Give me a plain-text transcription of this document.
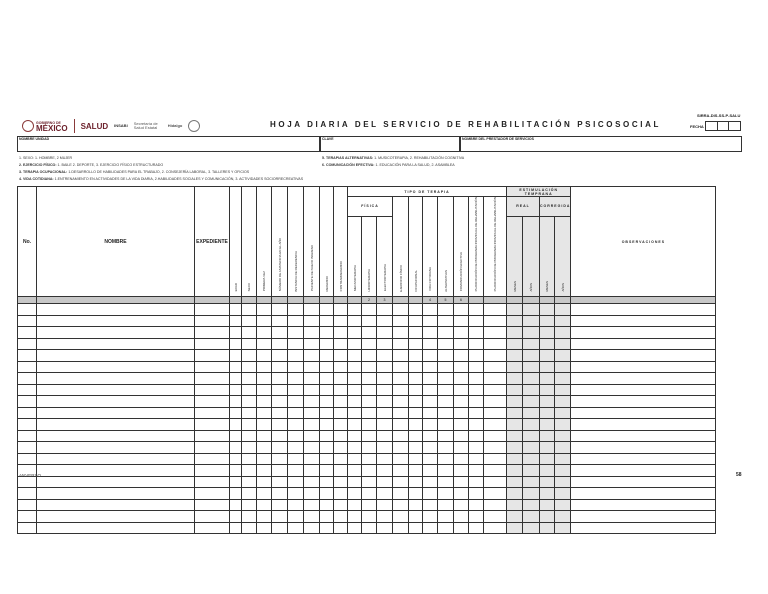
GOBIERNO DE
MÉXICO SALUD INSABI Secretaría de Salud Estatal	Hidalgo	HOJA DIARIA DEL SERVICIO DE REHABILITACIÓN PSICOSOCIAL
SIRRA-DIS-SS-P-SALU
FECHA
NOMBRE UNIDAD	CLAVE	NOMBRE DEL PRESTADOR DE SERVICIOS
1. SEXO: 1. HOMBRE, 2 MUJER
2. EJERCICIO FÍSICO: 1. BAILE 2. DEPORTE, 3. EJERCICIO FÍSICO ESTRUCTURADO
3. TERAPIA OCUPACIONAL: 1.DESARROLLO DE HABILIDADES PARA EL TRABAJO, 2. CONSEJERÍA LABORAL, 3. TALLERES Y OFICIOS
4. VIDA COTIDIANA: 1.ENTRENAMIENTO EN ACTIVIDADES DE LA VIDA DIARIA, 2.HABILIDADES SOCIALES Y COMUNICACIÓN, 3. ACTIVIDADES SOCIORRECREATIVAS
5. TERAPIAS ALTERNATIVAS: 1. MUSICOTERAPIA, 2. REHABILITACIÓN COGNITIVA
6. COMUNICACIÓN EFECTIVA: 1. EDUCACIÓN PARA LA SALUD, 2. ASAMBLEA
No.	NOMBRE	EXPEDIENTE	EDAD	SEXO	PRIMERA VEZ	NÚMERO DE ASISTENCIA EN EL AÑO	INSTANCIA DE REFERENCIA	PACIENTE DE NUEVO INGRESO	REFERIDO	CONTRARREFERIDO	TIPO DE TERAPIA										ESTIMULACIÓN TEMPRANA				OBSERVACIONES
											FÍSICA			EJERCICIO FÍSICO	OCUPACIONAL	VIDA COTIDIANA	ALTERNATIVAS	COMUNICACIÓN EFECTIVA	PLANIFICACIÓN DE PROGRAMA INDIVIDUAL DE REHABILITACIÓN	PLANIFICACIÓN DE PROGRAMA INDIVIDUAL DE REHABILITACIÓN	REAL		CORREGIDA		
											MECANOTERAPIA	HIDROTERAPIA	ELECTROTERAPIA								MESES	AÑOS	MESES	AÑOS	
												2	3			4	5	6							

ANVERSO	58
